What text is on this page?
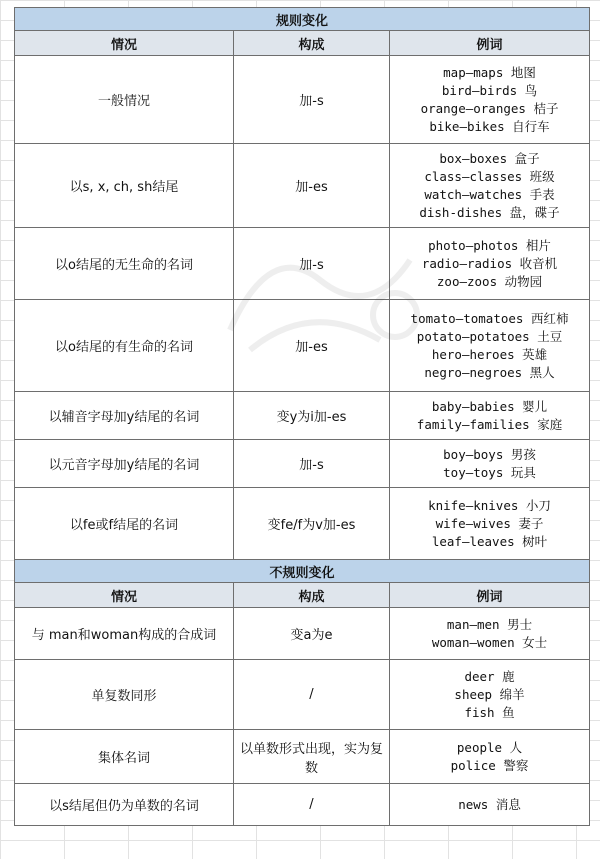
规则变化		
情况	构成	例词
一般情况	加-s	map—maps 地图
bird—birds 鸟
orange—oranges 桔子
bike—bikes 自行车

以s, x, ch, sh结尾	加-es	box—boxes 盒子
class—classes 班级
watch—watches 手表
dish-dishes 盘，碟子

以o结尾的无生命的名词	加-s	photo—photos 相片
radio—radios 收音机
zoo—zoos 动物园

以o结尾的有生命的名词	加-es	tomato—tomatoes 西红柿
potato—potatoes 土豆
hero—heroes 英雄
negro—negroes 黑人

以辅音字母加y结尾的名词	变y为i加-es	baby—babies 婴儿
family—families 家庭

以元音字母加y结尾的名词	加-s	boy—boys 男孩
toy—toys 玩具

以fe或f结尾的名词	变fe/f为v加-es	knife—knives 小刀
wife—wives 妻子
leaf—leaves 树叶

不规则变化		
情况	构成	例词
与 man和woman构成的合成词	变a为e	man—men 男士
woman—women 女士

单复数同形	/	deer 鹿
sheep 绵羊
fish 鱼

集体名词	以单数形式出现，实为复数	people 人
police 警察

以s结尾但仍为单数的名词	/	news 消息
